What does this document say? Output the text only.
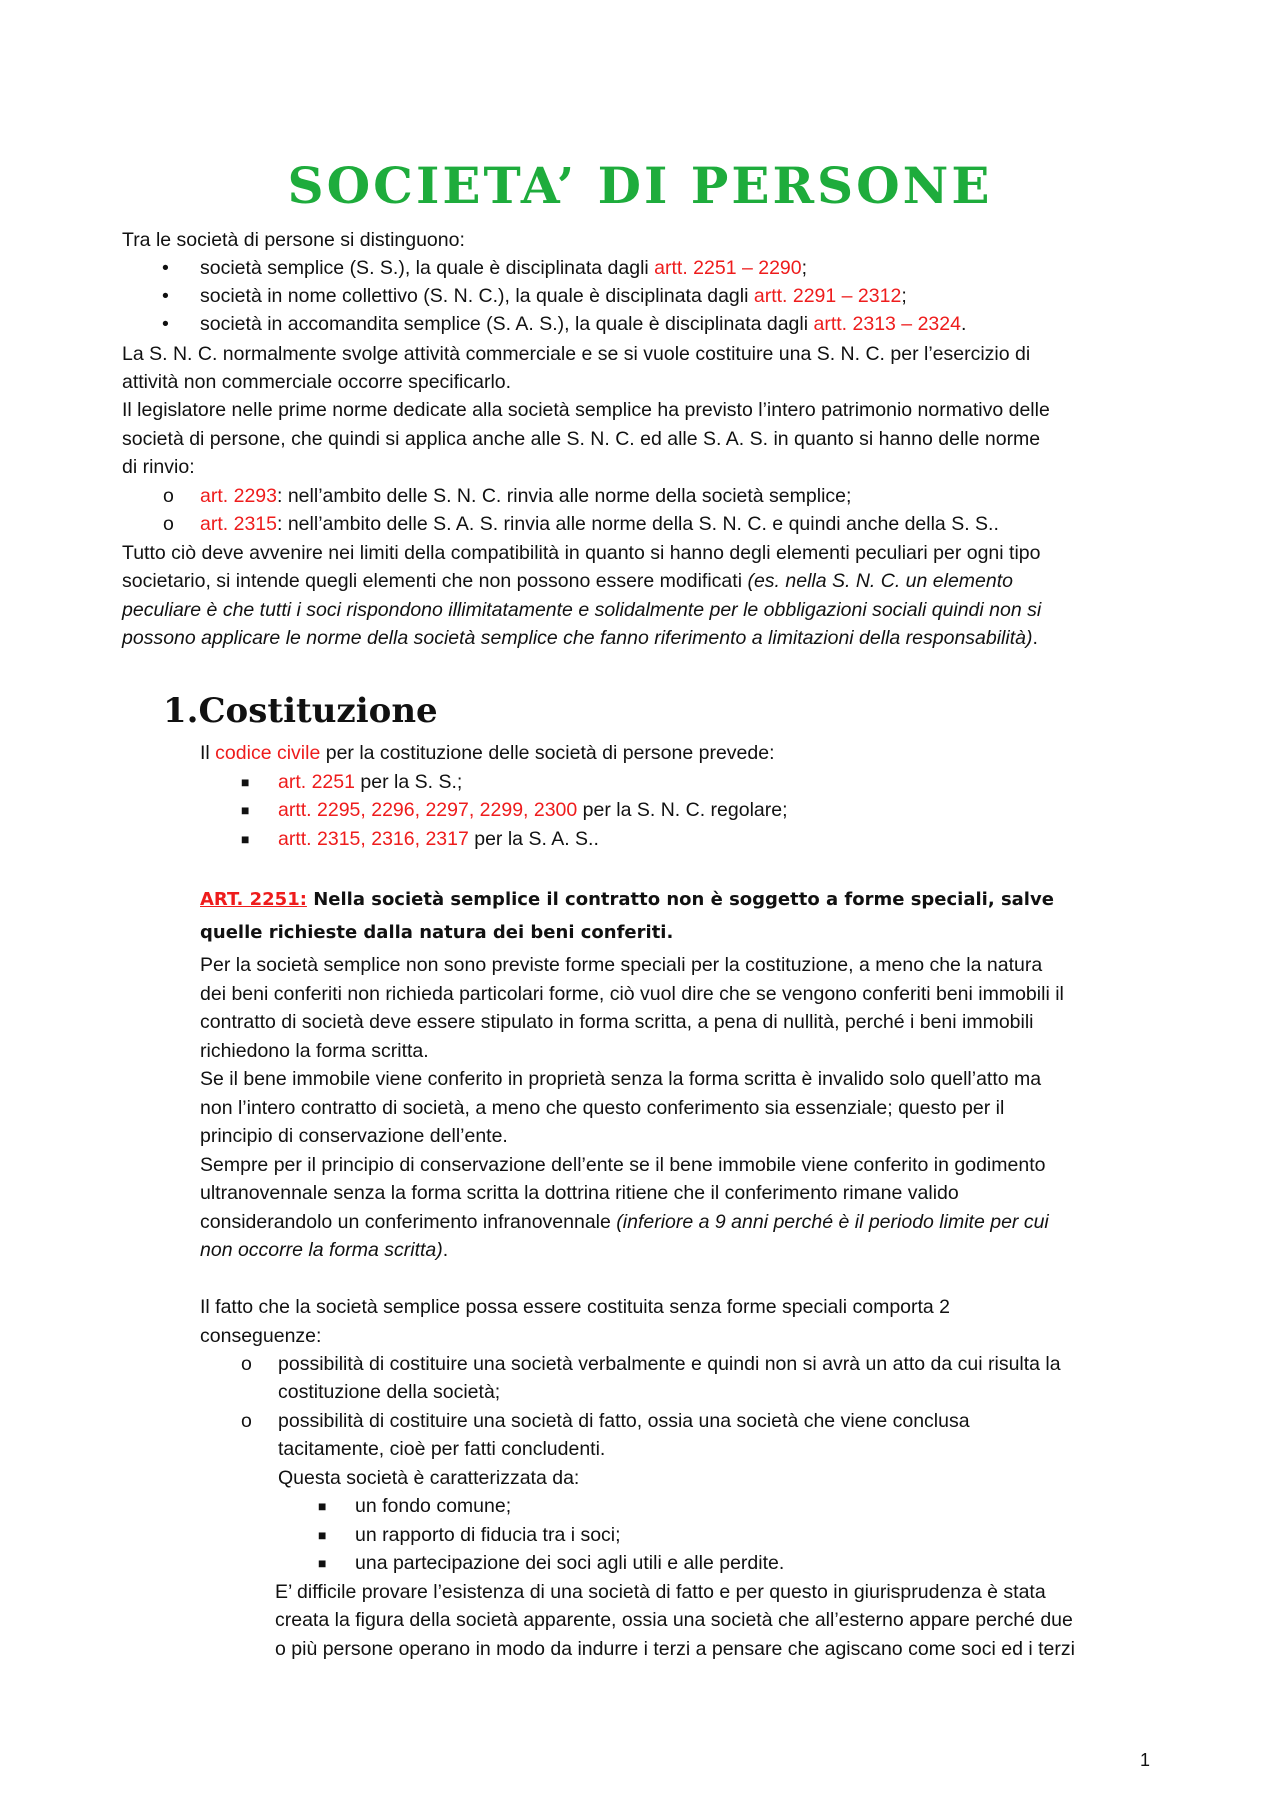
SOCIETA’ DI PERSONE
Tra le società di persone si distinguono:
• società semplice (S. S.), la quale è disciplinata dagli artt. 2251 – 2290;
• società in nome collettivo (S. N. C.), la quale è disciplinata dagli artt. 2291 – 2312;
• società in accomandita semplice (S. A. S.), la quale è disciplinata dagli artt. 2313 – 2324.
La S. N. C. normalmente svolge attività commerciale e se si vuole costituire una S. N. C. per l’esercizio di
attività non commerciale occorre specificarlo.
Il legislatore nelle prime norme dedicate alla società semplice ha previsto l’intero patrimonio normativo delle
società di persone, che quindi si applica anche alle S. N. C. ed alle S. A. S. in quanto si hanno delle norme
di rinvio:
o art. 2293: nell’ambito delle S. N. C. rinvia alle norme della società semplice;
o art. 2315: nell’ambito delle S. A. S. rinvia alle norme della S. N. C. e quindi anche della S. S..
Tutto ciò deve avvenire nei limiti della compatibilità in quanto si hanno degli elementi peculiari per ogni tipo
societario, si intende quegli elementi che non possono essere modificati (es. nella S. N. C. un elemento
peculiare è che tutti i soci rispondono illimitatamente e solidalmente per le obbligazioni sociali quindi non si
possono applicare le norme della società semplice che fanno riferimento a limitazioni della responsabilità).
1.Costituzione
Il codice civile per la costituzione delle società di persone prevede:
■ art. 2251 per la S. S.;
■ artt. 2295, 2296, 2297, 2299, 2300 per la S. N. C. regolare;
■ artt. 2315, 2316, 2317 per la S. A. S..
ART. 2251: Nella società semplice il contratto non è soggetto a forme speciali, salve
quelle richieste dalla natura dei beni conferiti.
Per la società semplice non sono previste forme speciali per la costituzione, a meno che la natura
dei beni conferiti non richieda particolari forme, ciò vuol dire che se vengono conferiti beni immobili il
contratto di società deve essere stipulato in forma scritta, a pena di nullità, perché i beni immobili
richiedono la forma scritta.
Se il bene immobile viene conferito in proprietà senza la forma scritta è invalido solo quell’atto ma
non l’intero contratto di società, a meno che questo conferimento sia essenziale; questo per il
principio di conservazione dell’ente.
Sempre per il principio di conservazione dell’ente se il bene immobile viene conferito in godimento
ultranovennale senza la forma scritta la dottrina ritiene che il conferimento rimane valido
considerandolo un conferimento infranovennale (inferiore a 9 anni perché è il periodo limite per cui
non occorre la forma scritta).
Il fatto che la società semplice possa essere costituita senza forme speciali comporta 2
conseguenze:
o possibilità di costituire una società verbalmente e quindi non si avrà un atto da cui risulta la
costituzione della società;
o possibilità di costituire una società di fatto, ossia una società che viene conclusa
tacitamente, cioè per fatti concludenti.
Questa società è caratterizzata da:
■ un fondo comune;
■ un rapporto di fiducia tra i soci;
■ una partecipazione dei soci agli utili e alle perdite.
E’ difficile provare l’esistenza di una società di fatto e per questo in giurisprudenza è stata
creata la figura della società apparente, ossia una società che all’esterno appare perché due
o più persone operano in modo da indurre i terzi a pensare che agiscano come soci ed i terzi
1
